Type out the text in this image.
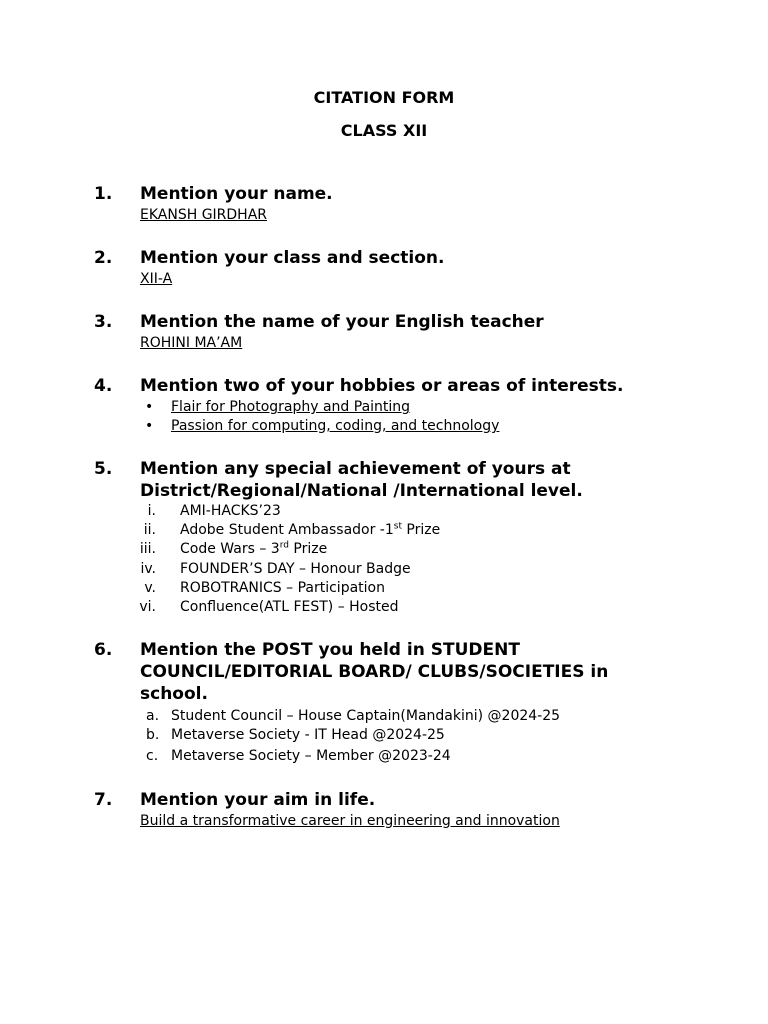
CITATION FORM
CLASS XII
1. Mention your name.
EKANSH GIRDHAR
2. Mention your class and section.
XII-A
3. Mention the name of your English teacher
ROHINI MA’AM
4. Mention two of your hobbies or areas of interests.
• Flair for Photography and Painting
• Passion for computing, coding, and technology
5. Mention any special achievement of yours at
District/Regional/National /International level.
i. AMI-HACKS’23
ii. Adobe Student Ambassador -1st Prize
iii. Code Wars – 3rd Prize
iv. FOUNDER’S DAY – Honour Badge
v. ROBOTRANICS – Participation
vi. Confluence(ATL FEST) – Hosted
6. Mention the POST you held in STUDENT
COUNCIL/EDITORIAL BOARD/ CLUBS/SOCIETIES in
school.
a. Student Council – House Captain(Mandakini) @2024-25
b. Metaverse Society - IT Head @2024-25
c. Metaverse Society – Member @2023-24
7. Mention your aim in life.
Build a transformative career in engineering and innovation
